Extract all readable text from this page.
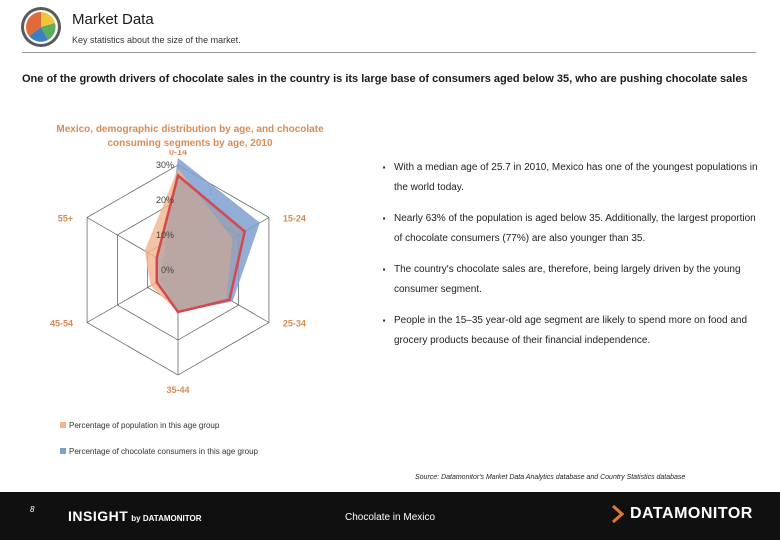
Market Data
Key statistics about the size of the market.
One of the growth drivers of chocolate sales in the country is its large base of consumers aged below 35, who are pushing chocolate sales
Mexico, demographic distribution by age, and chocolate consuming segments by age, 2010
0%
10%
20%
30%
0-14
15-24
25-34
35-44
45-54
55+
Percentage of population in this age group
Percentage of chocolate consumers in this age group
▪ With a median age of 25.7 in 2010, Mexico has one of the youngest populations in the world today.
▪ Nearly 63% of the population is aged below 35. Additionally, the largest proportion of chocolate consumers (77%) are also younger than 35.
▪ The country's chocolate sales are, therefore, being largely driven by the young consumer segment.
▪ People in the 15–35 year-old age segment are likely to spend more on food and grocery products because of their financial independence.
Source: Datamonitor's Market Data Analytics database and Country Statistics database
8 INSIGHT by DATAMONITOR	Chocolate in Mexico	DATAMONITOR
